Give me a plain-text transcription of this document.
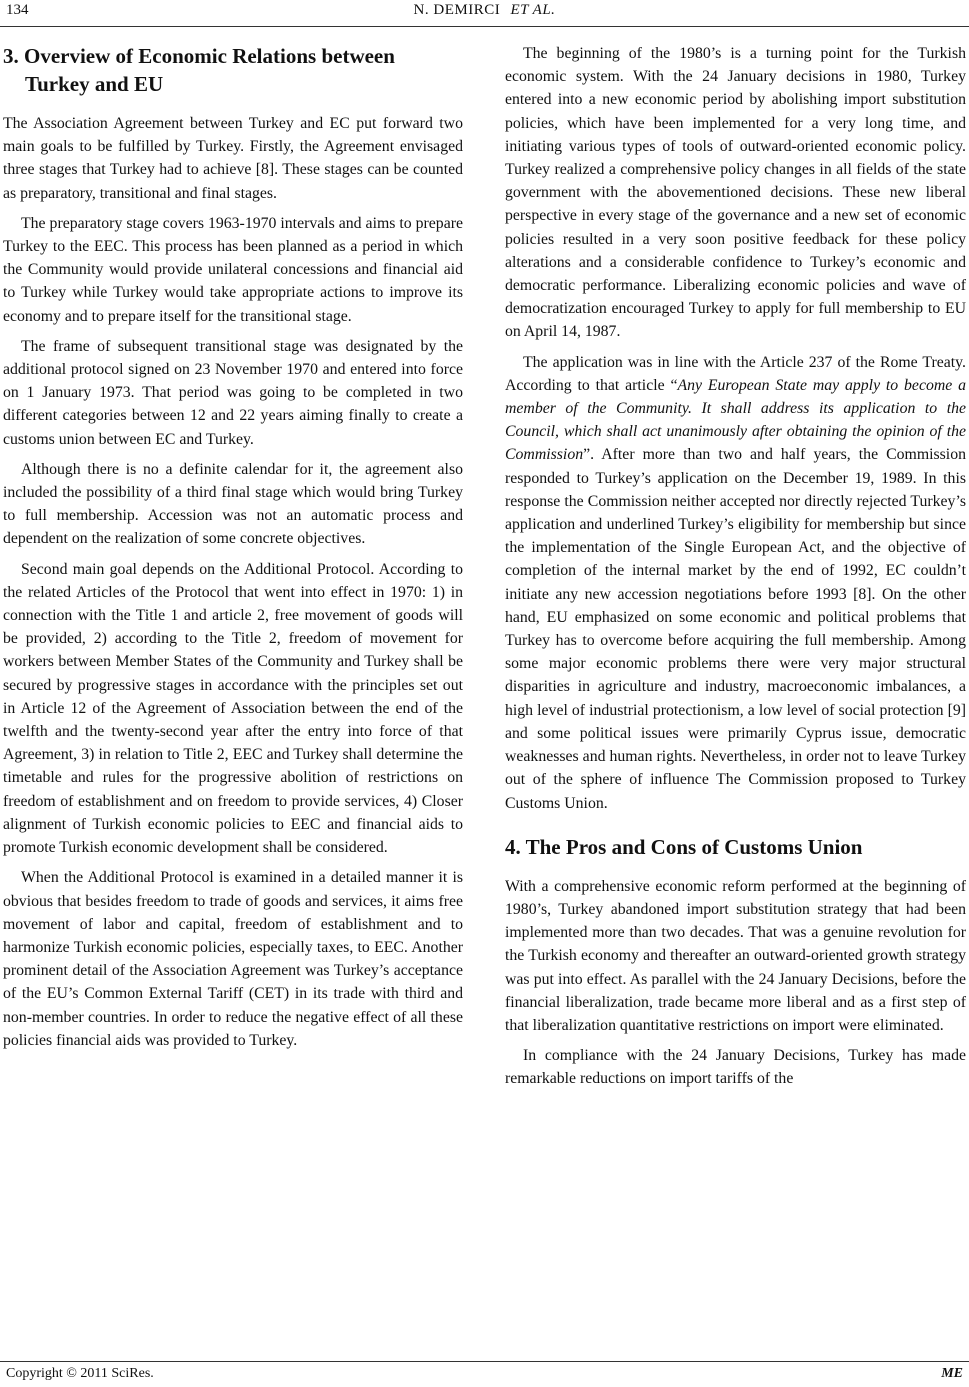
134	N. DEMIRCI ET AL.
3. Overview of Economic Relations between Turkey and EU

The Association Agreement between Turkey and EC put forward two main goals to be fulfilled by Turkey. Firstly, the Agreement envisaged three stages that Turkey had to achieve [8]. These stages can be counted as preparatory, transitional and final stages.

The preparatory stage covers 1963-1970 intervals and aims to prepare Turkey to the EEC. This process has been planned as a period in which the Community would provide unilateral concessions and financial aid to Turkey while Turkey would take appropriate actions to improve its economy and to prepare itself for the transitional stage.

The frame of subsequent transitional stage was designated by the additional protocol signed on 23 November 1970 and entered into force on 1 January 1973. That period was going to be completed in two different categories between 12 and 22 years aiming finally to create a customs union between EC and Turkey.

Although there is no a definite calendar for it, the agreement also included the possibility of a third final stage which would bring Turkey to full membership. Accession was not an automatic process and dependent on the realization of some concrete objectives.

Second main goal depends on the Additional Protocol. According to the related Articles of the Protocol that went into effect in 1970: 1) in connection with the Title 1 and article 2, free movement of goods will be provided, 2) according to the Title 2, freedom of movement for workers between Member States of the Community and Turkey shall be secured by progressive stages in accordance with the principles set out in Article 12 of the Agreement of Association between the end of the twelfth and the twenty-second year after the entry into force of that Agreement, 3) in relation to Title 2, EEC and Turkey shall determine the timetable and rules for the progressive abolition of restrictions on freedom of establishment and on freedom to provide services, 4) Closer alignment of Turkish economic policies to EEC and financial aids to promote Turkish economic development shall be considered.

When the Additional Protocol is examined in a detailed manner it is obvious that besides freedom to trade of goods and services, it aims free movement of labor and capital, freedom of establishment and to harmonize Turkish economic policies, especially taxes, to EEC. Another prominent detail of the Association Agreement was Turkey’s acceptance of the EU’s Common External Tariff (CET) in its trade with third and non-member countries. In order to reduce the negative effect of all these policies financial aids was provided to Turkey.

The beginning of the 1980’s is a turning point for the Turkish economic system. With the 24 January decisions in 1980, Turkey entered into a new economic period by abolishing import substitution policies, which have been implemented for a very long time, and initiating various types of tools of outward-oriented economic policy. Turkey realized a comprehensive policy changes in all fields of the state government with the abovementioned decisions. These new liberal perspective in every stage of the governance and a new set of economic policies resulted in a very soon positive feedback for these policy alterations and a considerable confidence to Turkey’s economic and democratic performance. Liberalizing economic policies and wave of democratization encouraged Turkey to apply for full membership to EU on April 14, 1987.

The application was in line with the Article 237 of the Rome Treaty. According to that article “Any European State may apply to become a member of the Community. It shall address its application to the Council, which shall act unanimously after obtaining the opinion of the Commission”. After more than two and half years, the Commission responded to Turkey’s application on the December 19, 1989. In this response the Commission neither accepted nor directly rejected Turkey’s application and underlined Turkey’s eligibility for membership but since the implementation of the Single European Act, and the objective of completion of the internal market by the end of 1992, EC couldn’t initiate any new accession negotiations before 1993 [8]. On the other hand, EU emphasized on some economic and political problems that Turkey has to overcome before acquiring the full membership. Among some major economic problems there were very major structural disparities in agriculture and industry, macroeconomic imbalances, a high level of industrial protectionism, a low level of social protection [9] and some political issues were primarily Cyprus issue, democratic weaknesses and human rights. Nevertheless, in order not to leave Turkey out of the sphere of influence The Commission proposed to Turkey Customs Union.

4. The Pros and Cons of Customs Union

With a comprehensive economic reform performed at the beginning of 1980’s, Turkey abandoned import substitution strategy that had been implemented more than two decades. That was a genuine revolution for the Turkish economy and thereafter an outward-oriented growth strategy was put into effect. As parallel with the 24 January Decisions, before the financial liberalization, trade became more liberal and as a first step of that liberalization quantitative restrictions on import were eliminated.

In compliance with the 24 January Decisions, Turkey has made remarkable reductions on import tariffs of the

Copyright © 2011 SciRes.	ME
